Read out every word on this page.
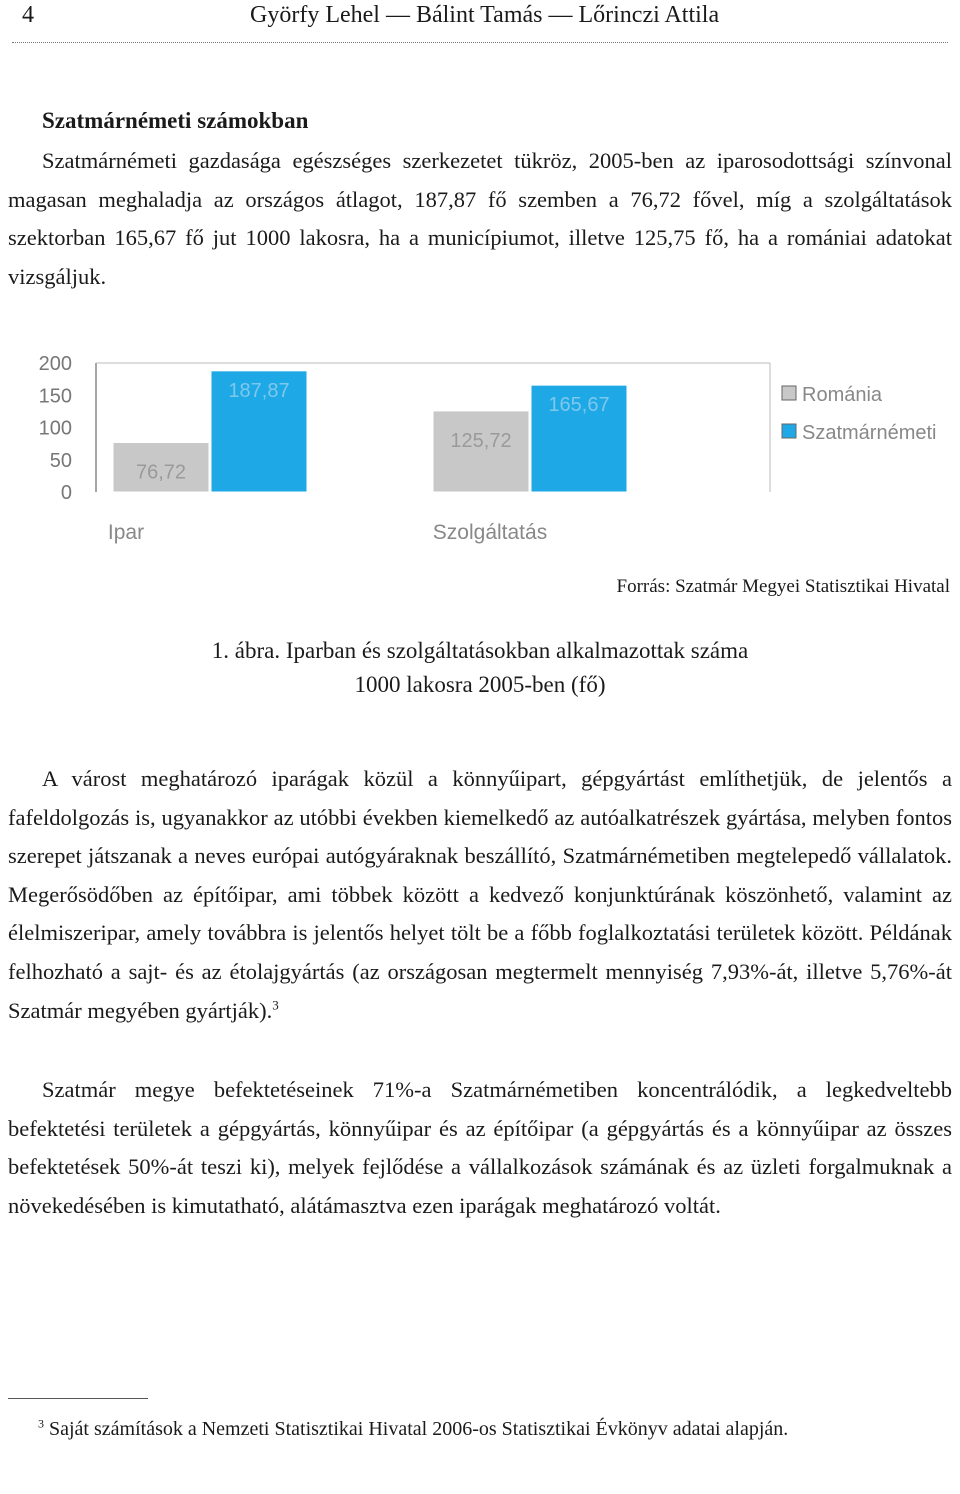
4	Györfy Lehel — Bálint Tamás — Lőrinczi Attila
Szatmárnémeti számokban

Szatmárnémeti gazdasága egészséges szerkezetet tükröz, 2005-ben az iparosodottsági színvonal magasan meghaladja az országos átlagot, 187,87 fő szemben a 76,72 fővel, míg a szolgáltatások szektorban 165,67 fő jut 1000 lakosra, ha a municípiumot, illetve 125,75 fő, ha a romániai adatokat vizsgáljuk.

200
150
100
50
0
76,72
125,72
187,87
165,67
Ipar	Szolgáltatás
Románia
Szatmárnémeti
Forrás: Szatmár Megyei Statisztikai Hivatal
1. ábra. Iparban és szolgáltatásokban alkalmazottak száma
1000 lakosra 2005-ben (fő)

A várost meghatározó iparágak közül a könnyűipart, gépgyártást említhetjük, de jelentős a fafeldolgozás is, ugyanakkor az utóbbi években kiemelkedő az autóalkatrészek gyártása, melyben fontos szerepet játszanak a neves európai autógyáraknak beszállító, Szatmárnémetiben megtelepedő vállalatok. Megerősödőben az építőipar, ami többek között a kedvező konjunktúrának köszönhető, valamint az élelmiszeripar, amely továbbra is jelentős helyet tölt be a főbb foglalkoztatási területek között. Példának felhozható a sajt- és az étolajgyártás (az országosan megtermelt mennyiség 7,93%-át, illetve 5,76%-át Szatmár megyében gyártják).$^3$

Szatmár megye befektetéseinek 71%-a Szatmárnémetiben koncentrálódik, a legkedveltebb befektetési területek a gépgyártás, könnyűipar és az építőipar (a gépgyártás és a könnyűipar az összes befektetések 50%-át teszi ki), melyek fejlődése a vállalkozások számának és az üzleti forgalmuknak a növekedésében is kimutatható, alátámasztva ezen iparágak meghatározó voltát.

$^3$ Saját számítások a Nemzeti Statisztikai Hivatal 2006-os Statisztikai Évkönyv adatai alapján.
